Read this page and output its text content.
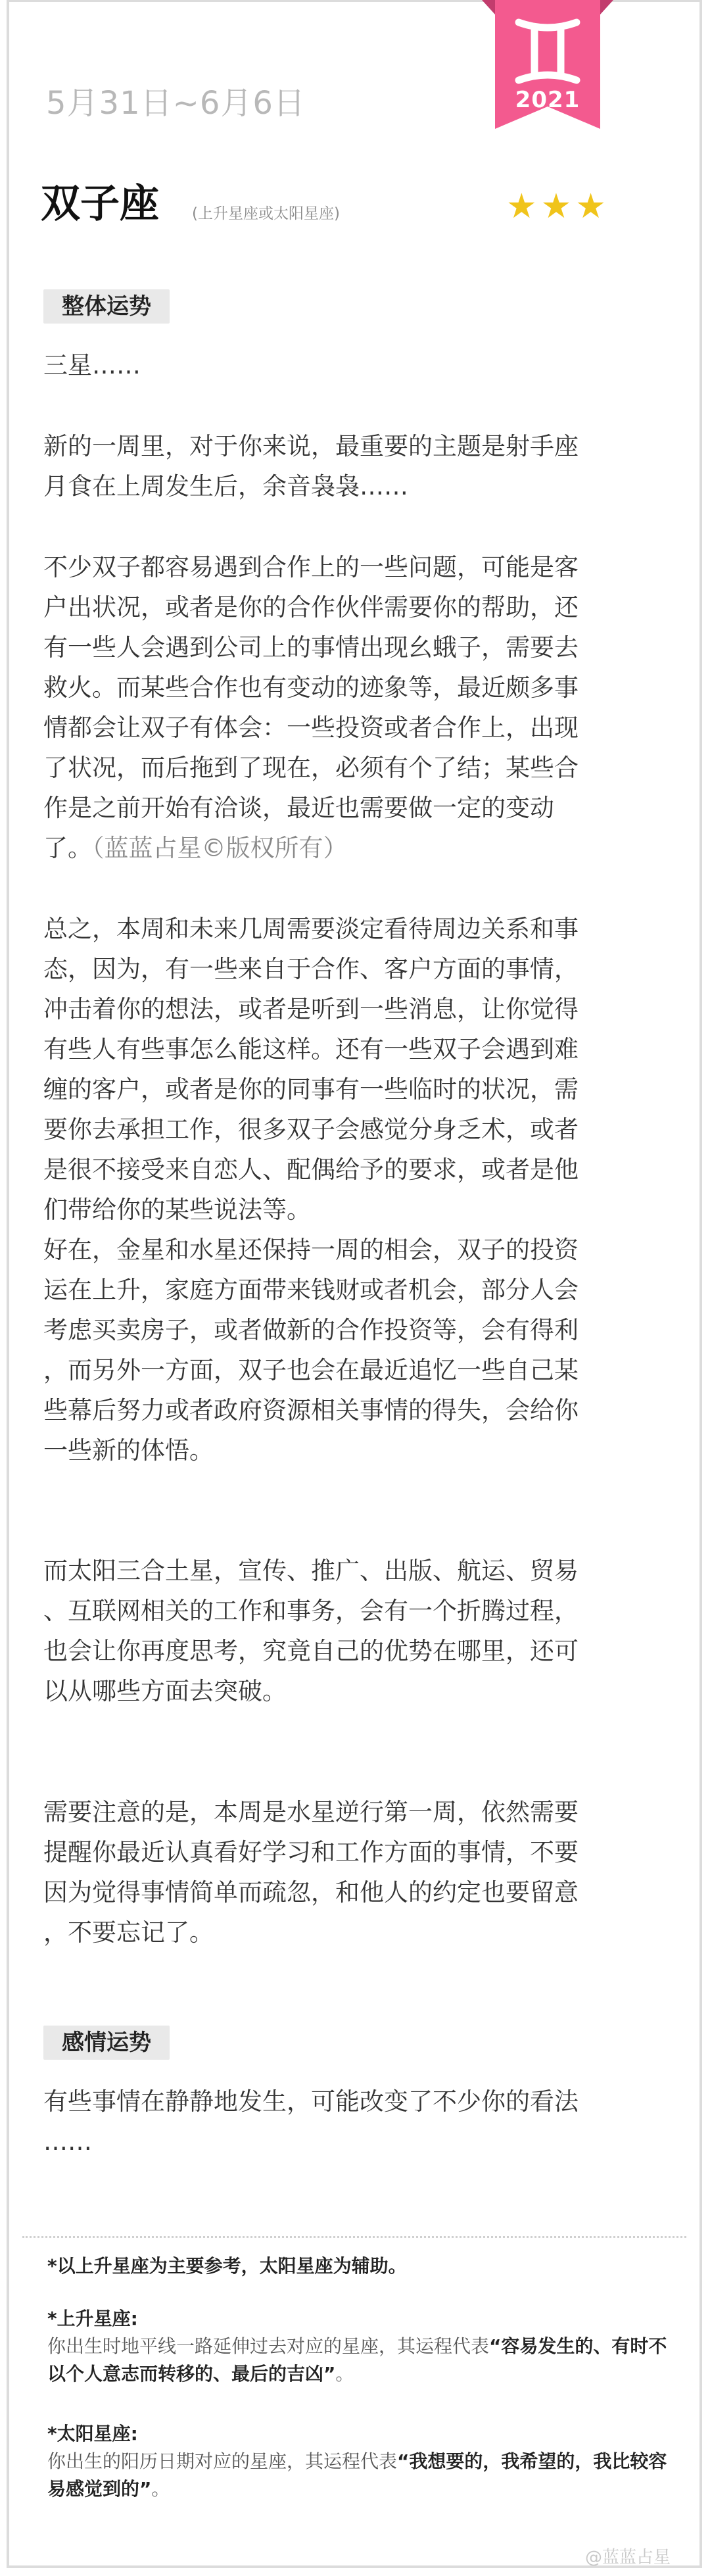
5月31日~6月6日	2021
双子座 (上升星座或太阳星座)	★★★
整体运势
三星……
新的一周里，对于你来说，最重要的主题是射手座
月食在上周发生后，余音袅袅……
不少双子都容易遇到合作上的一些问题，可能是客
户出状况，或者是你的合作伙伴需要你的帮助，还
有一些人会遇到公司上的事情出现幺蛾子，需要去
救火。而某些合作也有变动的迹象等，最近颇多事
情都会让双子有体会：一些投资或者合作上，出现
了状况，而后拖到了现在，必须有个了结；某些合
作是之前开始有洽谈，最近也需要做一定的变动
了。（蓝蓝占星©版权所有）
总之，本周和未来几周需要淡定看待周边关系和事
态，因为，有一些来自于合作、客户方面的事情，
冲击着你的想法，或者是听到一些消息，让你觉得
有些人有些事怎么能这样。还有一些双子会遇到难
缠的客户，或者是你的同事有一些临时的状况，需
要你去承担工作，很多双子会感觉分身乏术，或者
是很不接受来自恋人、配偶给予的要求，或者是他
们带给你的某些说法等。
好在，金星和水星还保持一周的相会，双子的投资
运在上升，家庭方面带来钱财或者机会，部分人会
考虑买卖房子，或者做新的合作投资等，会有得利
，而另外一方面，双子也会在最近追忆一些自己某
些幕后努力或者政府资源相关事情的得失，会给你
一些新的体悟。
而太阳三合土星，宣传、推广、出版、航运、贸易
、互联网相关的工作和事务，会有一个折腾过程，
也会让你再度思考，究竟自己的优势在哪里，还可
以从哪些方面去突破。
需要注意的是，本周是水星逆行第一周，依然需要
提醒你最近认真看好学习和工作方面的事情，不要
因为觉得事情简单而疏忽，和他人的约定也要留意
，不要忘记了。
感情运势
有些事情在静静地发生，可能改变了不少你的看法
……
*以上升星座为主要参考，太阳星座为辅助。
*上升星座:
你出生时地平线一路延伸过去对应的星座，其运程代表“容易发生的、有时不以个人意志而转移的、最后的吉凶”。
*太阳星座:
你出生的阳历日期对应的星座，其运程代表“我想要的，我希望的，我比较容易感觉到的”。
@蓝蓝占星
